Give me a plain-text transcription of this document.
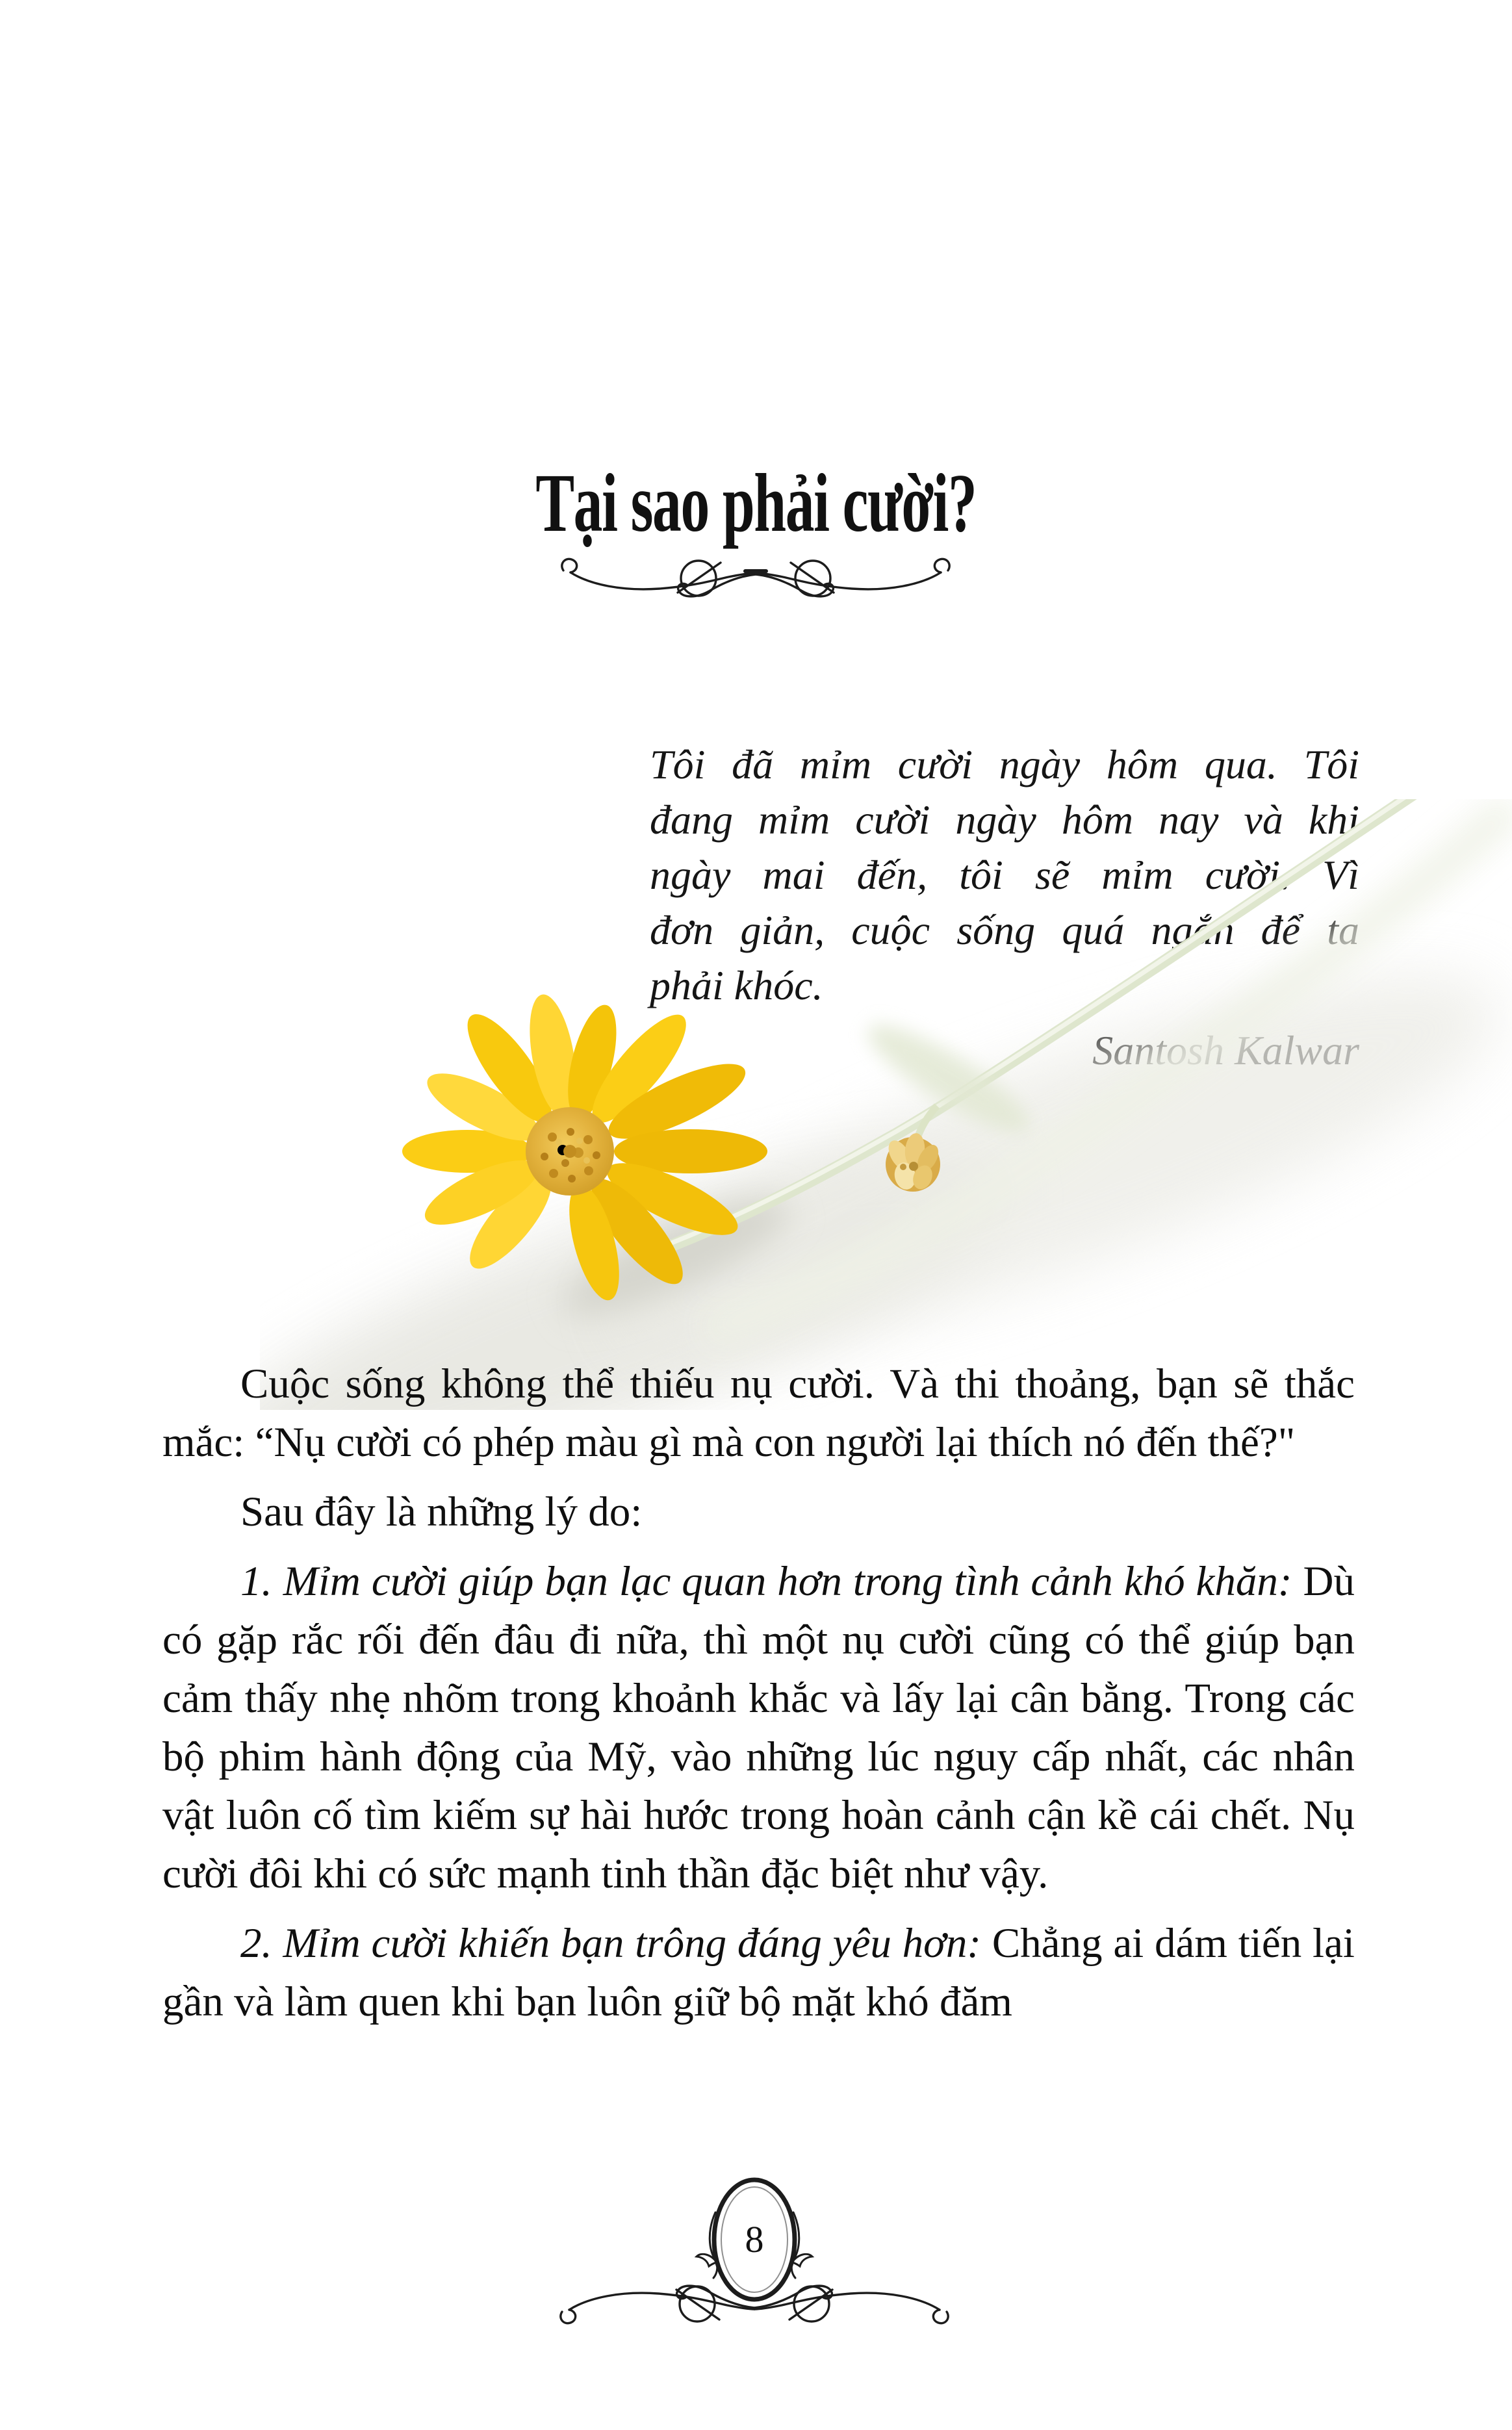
Tại sao phải cười?
Tôi đã mỉm cười ngày hôm qua. Tôi
đang mỉm cười ngày hôm nay và khi
ngày mai đến, tôi sẽ mỉm cười. Vì
đơn giản, cuộc sống quá ngắn để ta
phải khóc.

Cuộc sống không thể thiếu nụ cười. Và thi thoảng, bạn sẽ thắc mắc: “Nụ cười có phép màu gì mà con người lại thích nó đến thế?"

Sau đây là những lý do:

1. Mỉm cười giúp bạn lạc quan hơn trong tình cảnh khó khăn: Dù có gặp rắc rối đến đâu đi nữa, thì một nụ cười cũng có thể giúp bạn cảm thấy nhẹ nhõm trong khoảnh khắc và lấy lại cân bằng. Trong các bộ phim hành động của Mỹ, vào những lúc nguy cấp nhất, các nhân vật luôn cố tìm kiếm sự hài hước trong hoàn cảnh cận kề cái chết. Nụ cười đôi khi có sức mạnh tinh thần đặc biệt như vậy.

2. Mỉm cười khiến bạn trông đáng yêu hơn: Chẳng ai dám tiến lại gần và làm quen khi bạn luôn giữ bộ mặt khó đăm

8
